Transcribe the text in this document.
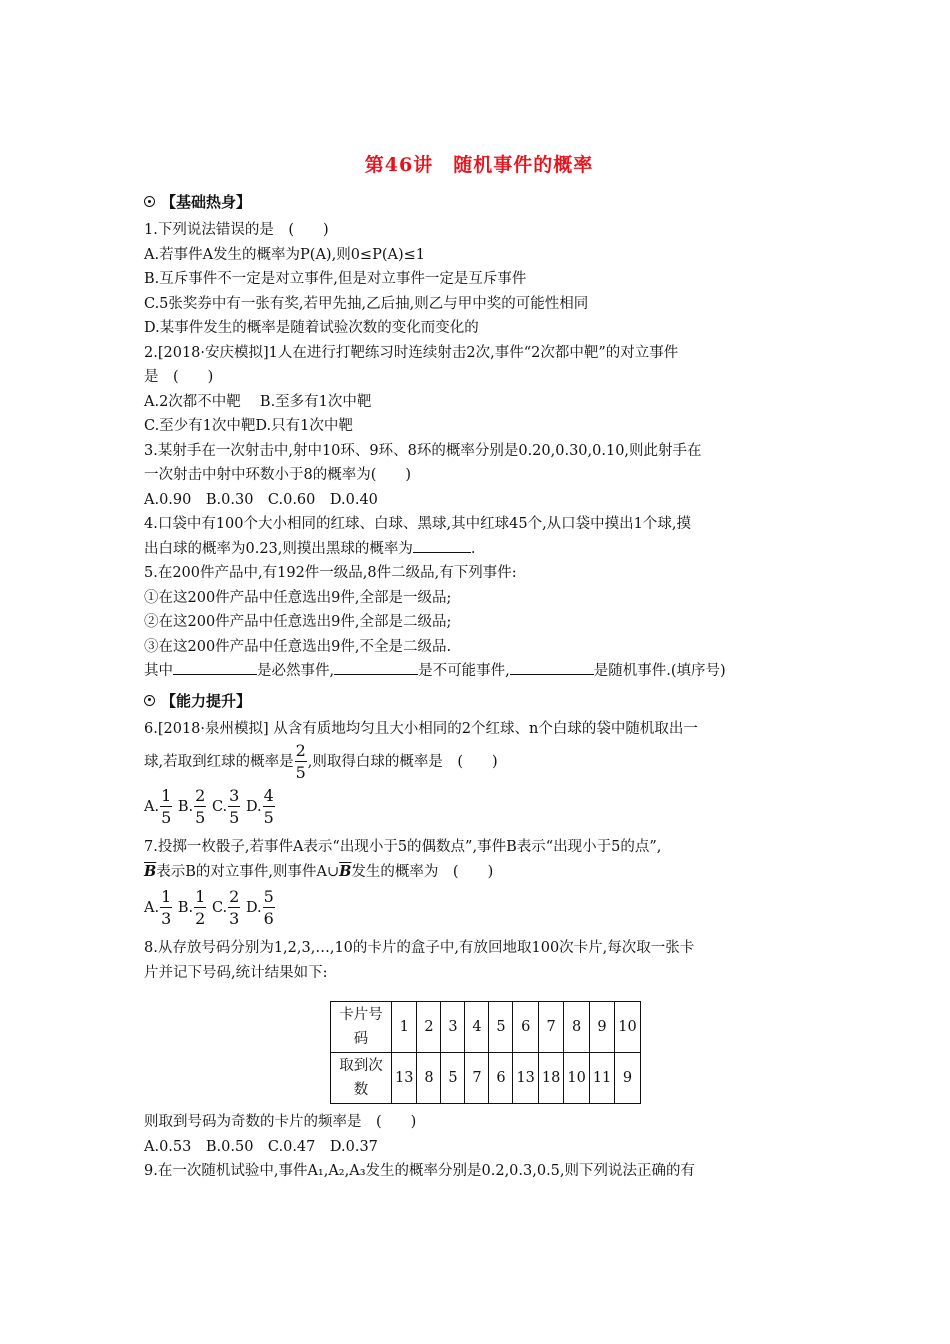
第46讲　随机事件的概率
【基础热身】
1.下列说法错误的是　(　　)
A.若事件A发生的概率为P(A),则0≤P(A)≤1
B.互斥事件不一定是对立事件,但是对立事件一定是互斥事件
C.5张奖券中有一张有奖,若甲先抽,乙后抽,则乙与甲中奖的可能性相同
D.某事件发生的概率是随着试验次数的变化而变化的
2.[2018·安庆模拟]1人在进行打靶练习时连续射击2次,事件“2次都中靶”的对立事件
是　(　　)
A.2次都不中靶　 B.至多有1次中靶
C.至少有1次中靶D.只有1次中靶
3.某射手在一次射击中,射中10环、9环、8环的概率分别是0.20,0.30,0.10,则此射手在
一次射击中射中环数小于8的概率为(　　)
A.0.90　B.0.30　C.0.60　D.0.40
4.口袋中有100个大小相同的红球、白球、黑球,其中红球45个,从口袋中摸出1个球,摸
出白球的概率为0.23,则摸出黑球的概率为	.
5.在200件产品中,有192件一级品,8件二级品,有下列事件:
①在这200件产品中任意选出9件,全部是一级品;
②在这200件产品中任意选出9件,全部是二级品;
③在这200件产品中任意选出9件,不全是二级品.
其中	是必然事件,	是不可能事件,	是随机事件.(填序号)
【能力提升】
6.[2018·泉州模拟] 从含有质地均匀且大小相同的2个红球、n个白球的袋中随机取出一
球,若取到红球的概率是 $\frac{2}{5}$ ,则取得白球的概率是　(　　)
A. $\frac{1}{5} B$. $\frac{2}{5} C$. $\frac{3}{5} D$. $\frac{4}{5}$
7.投掷一枚骰子,若事件A表示“出现小于5的偶数点”,事件B表示“出现小于5的点”,
$\overline{B}$表示B的对立事件,则事件$A\cup\overline{B}$发生的概率为　(　　)
A. $\frac{1}{3} B$. $\frac{1}{2} C$. $\frac{2}{3} D$. $\frac{5}{6}$
8.从存放号码分别为1,2,3,…,10的卡片的盒子中,有放回地取100次卡片,每次取一张卡
片并记下号码,统计结果如下:
卡片号
码	1	2	3	4	5	6	7	8	9	10
取到次
数	13	8	5	7	6	13	18	10	11	9
则取到号码为奇数的卡片的频率是　(　　)
A.0.53　B.0.50　C.0.47　D.0.37
9.在一次随机试验中,事件A₁,A₂,A₃发生的概率分别是0.2,0.3,0.5,则下列说法正确的有
